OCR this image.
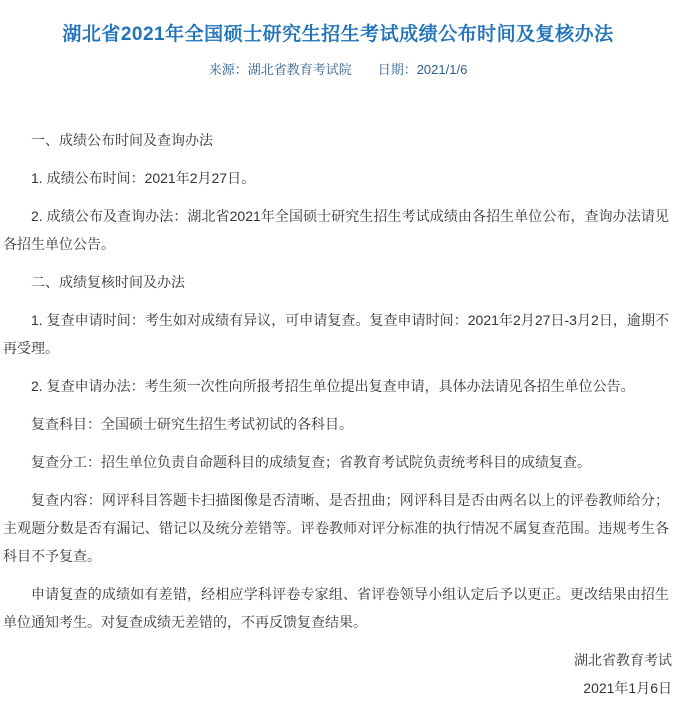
湖北省2021年全国硕士研究生招生考试成绩公布时间及复核办法
来源：湖北省教育考试院 日期：2021/1/6

一、成绩公布时间及查询办法

1. 成绩公布时间：2021年2月27日。

2. 成绩公布及查询办法：湖北省2021年全国硕士研究生招生考试成绩由各招生单位公布，查询办法请见各招生单位公告。

二、成绩复核时间及办法

1. 复查申请时间：考生如对成绩有异议，可申请复查。复查申请时间：2021年2月27日-3月2日，逾期不再受理。

2. 复查申请办法：考生须一次性向所报考招生单位提出复查申请，具体办法请见各招生单位公告。

复查科目：全国硕士研究生招生考试初试的各科目。

复查分工：招生单位负责自命题科目的成绩复查；省教育考试院负责统考科目的成绩复查。

复查内容：网评科目答题卡扫描图像是否清晰、是否扭曲；网评科目是否由两名以上的评卷教师给分；主观题分数是否有漏记、错记以及统分差错等。评卷教师对评分标准的执行情况不属复查范围。违规考生各科目不予复查。

申请复查的成绩如有差错，经相应学科评卷专家组、省评卷领导小组认定后予以更正。更改结果由招生单位通知考生。对复查成绩无差错的，不再反馈复查结果。

湖北省教育考试
2021年1月6日
